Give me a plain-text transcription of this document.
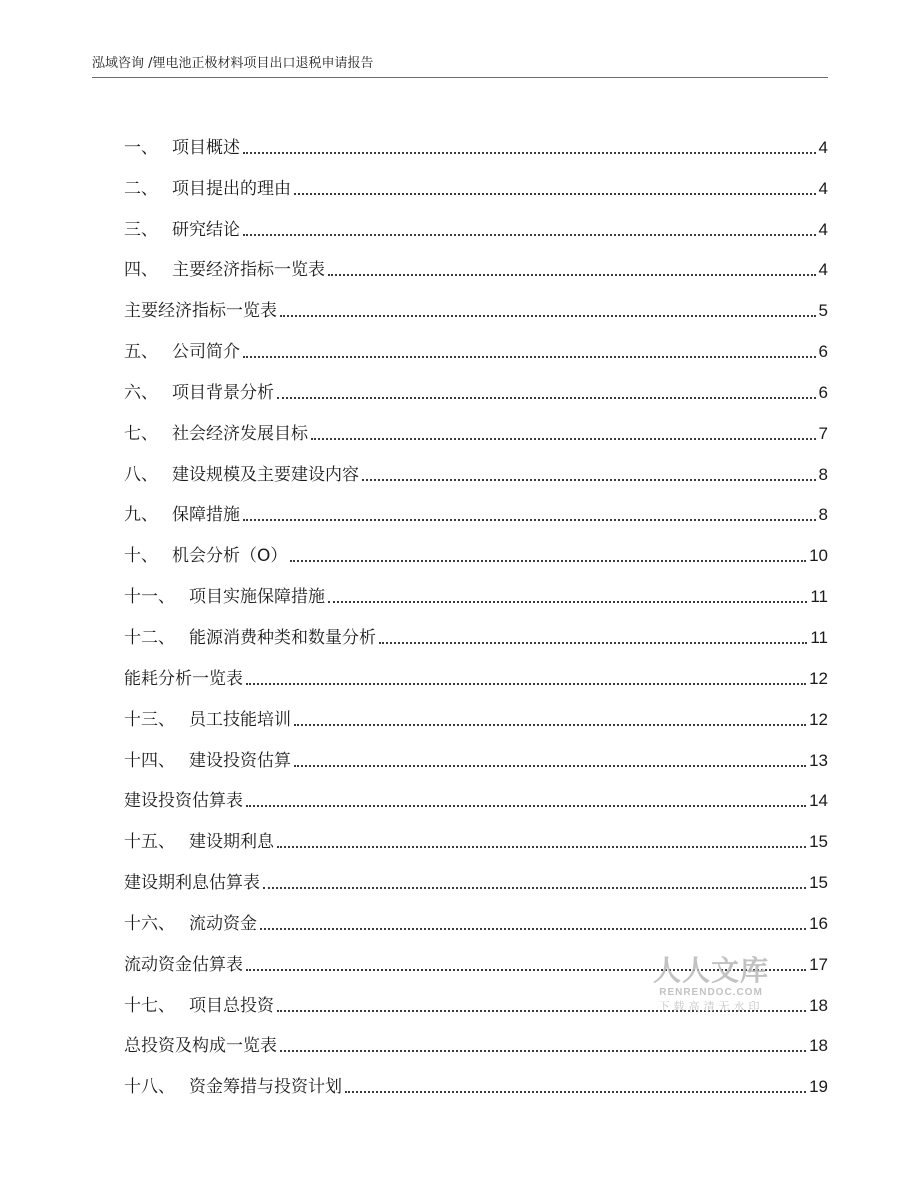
泓域咨询 /锂电池正极材料项目出口退税申请报告
一、 项目概述	4
二、 项目提出的理由	4
三、 研究结论	4
四、 主要经济指标一览表	4
主要经济指标一览表	5
五、 公司简介	6
六、 项目背景分析	6
七、 社会经济发展目标	7
八、 建设规模及主要建设内容	8
九、 保障措施	8
十、 机会分析（O）	10
十一、 项目实施保障措施	11
十二、 能源消费种类和数量分析	11
能耗分析一览表	12
十三、 员工技能培训	12
十四、 建设投资估算	13
建设投资估算表	14
十五、 建设期利息	15
建设期利息估算表	15
十六、 流动资金	16
流动资金估算表	17
十七、 项目总投资	18
总投资及构成一览表	18
十八、 资金筹措与投资计划	19
人人文库
RENRENDOC.COM
下载高清无水印
